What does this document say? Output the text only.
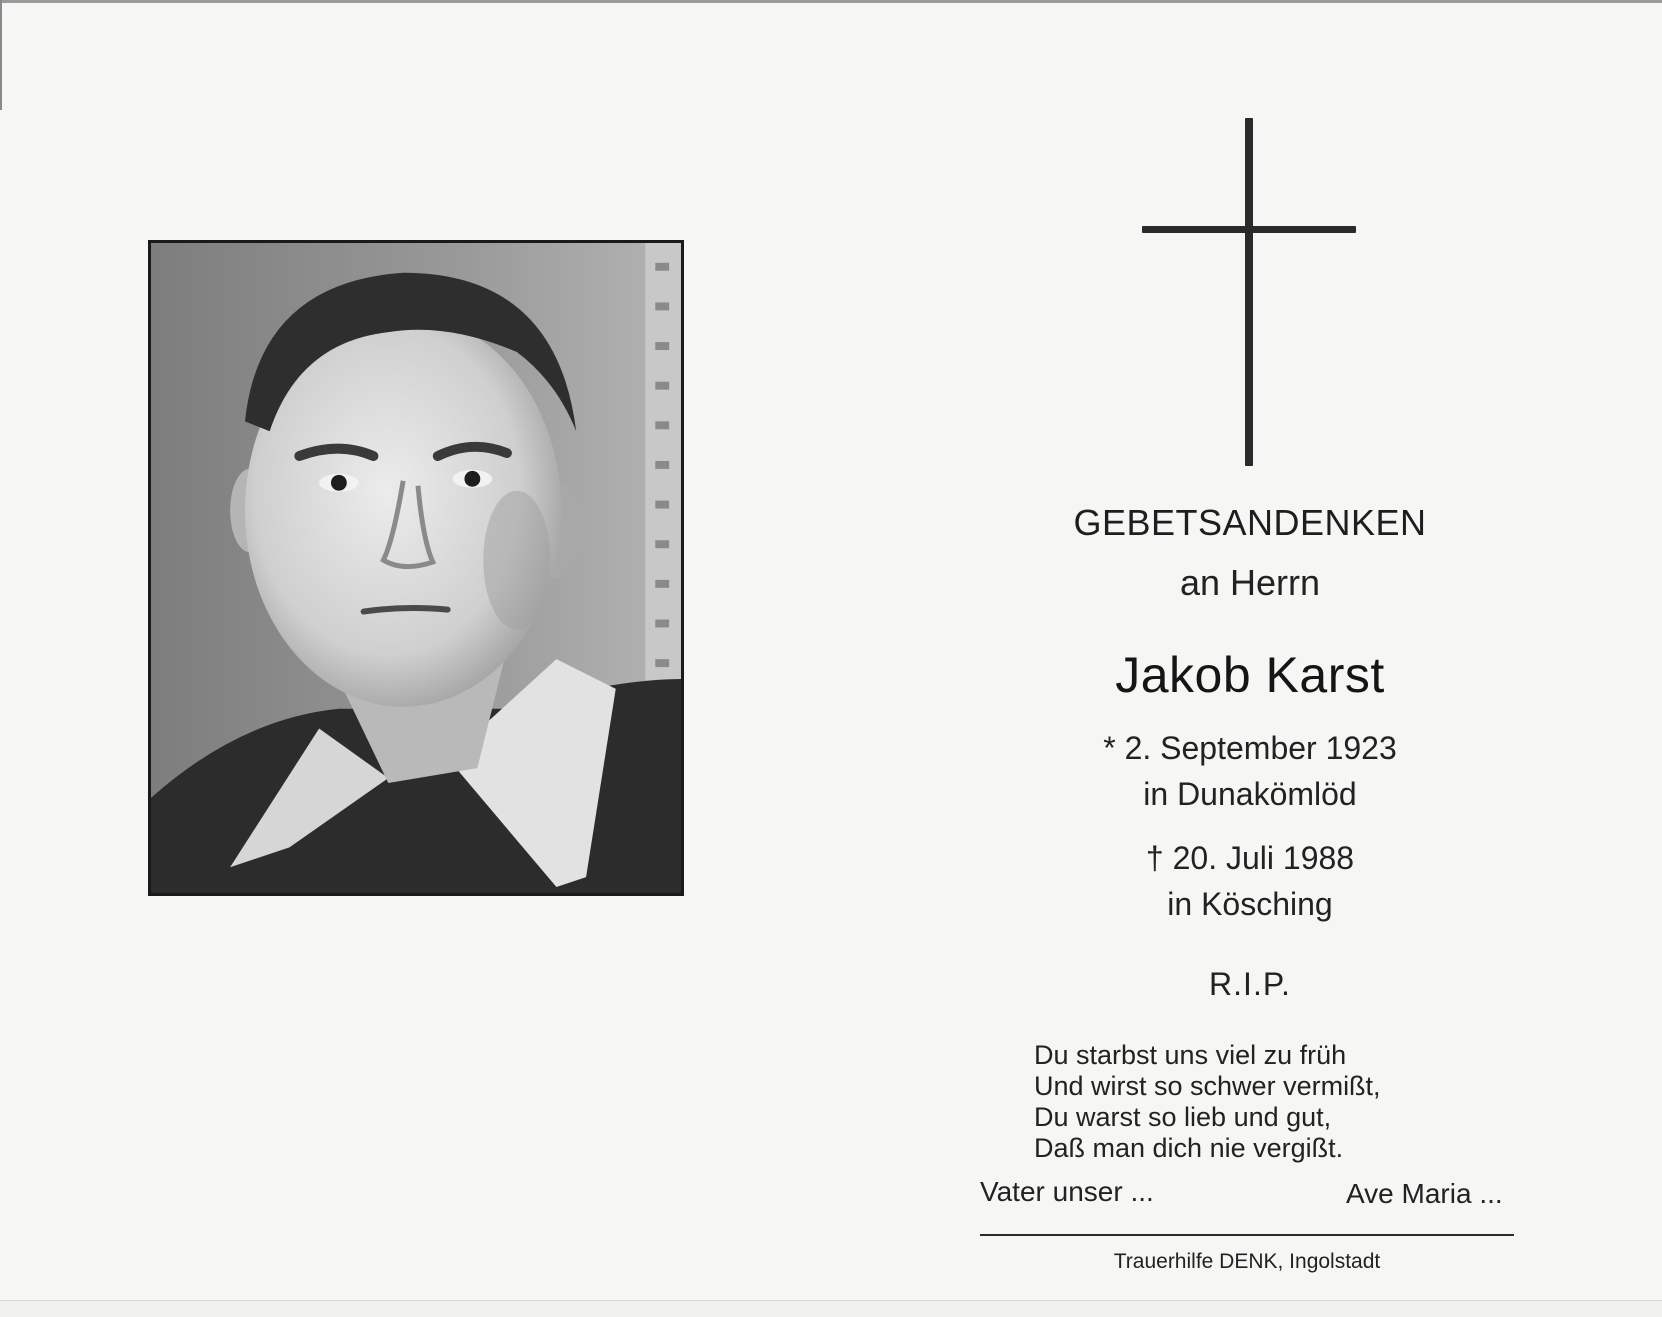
GEBETSANDENKEN
an Herrn
Jakob Karst
* 2. September 1923
in Dunakömlöd
† 20. Juli 1988
in Kösching
R.I.P.
Du starbst uns viel zu früh
Und wirst so schwer vermißt,
Du warst so lieb und gut,
Daß man dich nie vergißt.
Vater unser ...	Ave Maria ...
Trauerhilfe DENK, Ingolstadt
